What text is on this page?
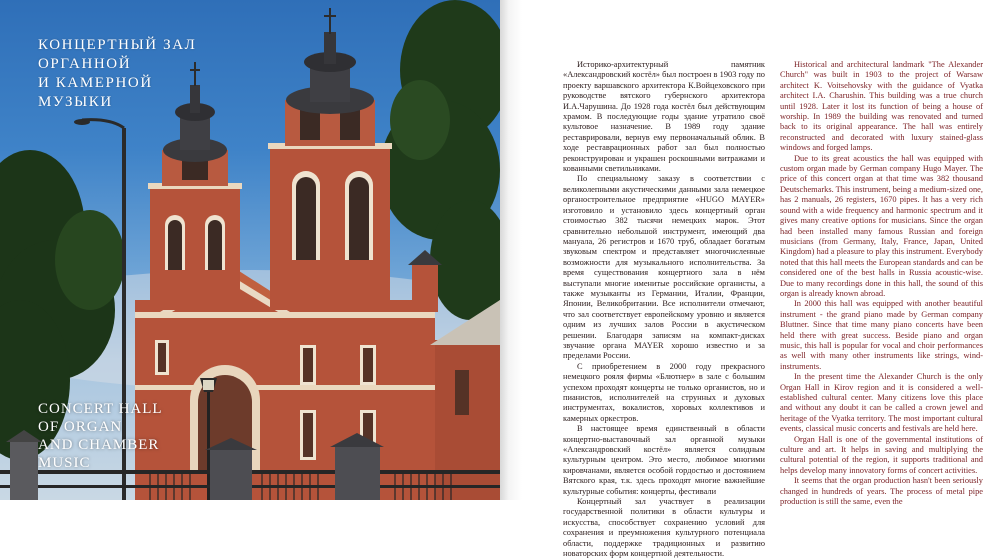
КОНЦЕРТНЫЙ ЗАЛ
ОРГАННОЙ
И КАМЕРНОЙ
МУЗЫКИ
CONCERT HALL
OF ORGAN
AND CHAMBER
MUSIC

Историко-архитектурный памятник «Александровский костёл» был построен в 1903 году по проекту варшавского архитектора К.Войцеховского при руководстве вятского губернского архитектора И.А.Чарушина. До 1928 года костёл был действующим храмом. В последующие годы здание утратило своё культовое назначение. В 1989 году здание реставрировали, вернув ему первоначальный облик. В ходе реставрационных работ зал был полностью реконструирован и украшен роскошными витражами и кованными светильниками.

По специальному заказу в соответствии с великолепными акустическими данными зала немецкое органостроительное предприятие «HUGO MAYER» изготовило и установило здесь концертный орган стоимостью 382 тысячи немецких марок. Этот сравнительно небольшой инструмент, имеющий два мануала, 26 регистров и 1670 труб, обладает богатым звуковым спектром и представляет многочисленные возможности для музыкального исполнительства. За время существования концертного зала в нём выступали многие именитые российские органисты, а также музыканты из Германии, Италии, Франции, Японии, Великобритании. Все исполнители отмечают, что зал соответствует европейскому уровню и является одним из лучших залов России в акустическом решении. Благодаря записям на компакт-дисках звучание органа MAYER хорошо известно и за пределами России.

С приобретением в 2000 году прекрасного немецкого рояля фирмы «Блютнер» в зале с большим успехом проходят концерты не только органистов, но и пианистов, исполнителей на струнных и духовых инструментах, вокалистов, хоровых коллективов и камерных оркестров.

В настоящее время единственный в области концертно-выставочный зал органной музыки «Александровский костёл» является солидным культурным центром. Это место, любимое многими кировчанами, является особой гордостью и достоянием Вятского края, т.к. здесь проходят многие важнейшие культурные события: концерты, фестивали

Концертный зал участвует в реализации государственной политики в области культуры и искусства, способствует сохранению условий для сохранения и преумножения культурного потенциала области, поддержке традиционных и развитию новаторских форм концертной деятельности.

Historical and architectural landmark "The Alexander Church" was built in 1903 to the project of Warsaw architect K. Voitsehovsky with the guidance of Vyatka architect I.A. Charushin. This building was a true church until 1928. Later it lost its function of being a house of worship. In 1989 the building was renovated and turned back to its original appearance. The hall was entirely reconstructed and decorated with luxury stained-glass windows and forged lamps.

Due to its great acoustics the hall was equipped with custom organ made by German company Hugo Mayer. The price of this concert organ at that time was 382 thousand Deutschemarks. This instrument, being a medium-sized one, has 2 manuals, 26 registers, 1670 pipes. It has a very rich sound with a wide frequency and harmonic spectrum and it gives many creative options for musicians. Since the organ had been installed many famous Russian and foreign musicians (from Germany, Italy, France, Japan, United Kingdom) had a pleasure to play this instrument. Everybody noted that this hall meets the European standards and can be considered one of the best halls in Russia acoustic-wise. Due to many recordings done in this hall, the sound of this organ is already known abroad.

In 2000 this hall was equipped with another beautiful instrument - the grand piano made by German company Bluttner. Since that time many piano concerts have been held there with great success. Beside piano and organ music, this hall is popular for vocal and choir performances as well with many other instruments like strings, wind-instruments.

In the present time the Alexander Church is the only Organ Hall in Kirov region and it is considered a well-established cultural center. Many citizens love this place and without any doubt it can be called a crown jewel and heritage of the Vyatka territory. The most important cultural events, classical music concerts and festivals are held here.

Organ Hall is one of the governmental institutions of culture and art. It helps in saving and multiplying the cultural potential of the region, it supports traditional and helps develop many innovatory forms of concert activities.

It seems that the organ production hasn't been seriously changed in hundreds of years. The process of metal pipe production is still the same, even the
